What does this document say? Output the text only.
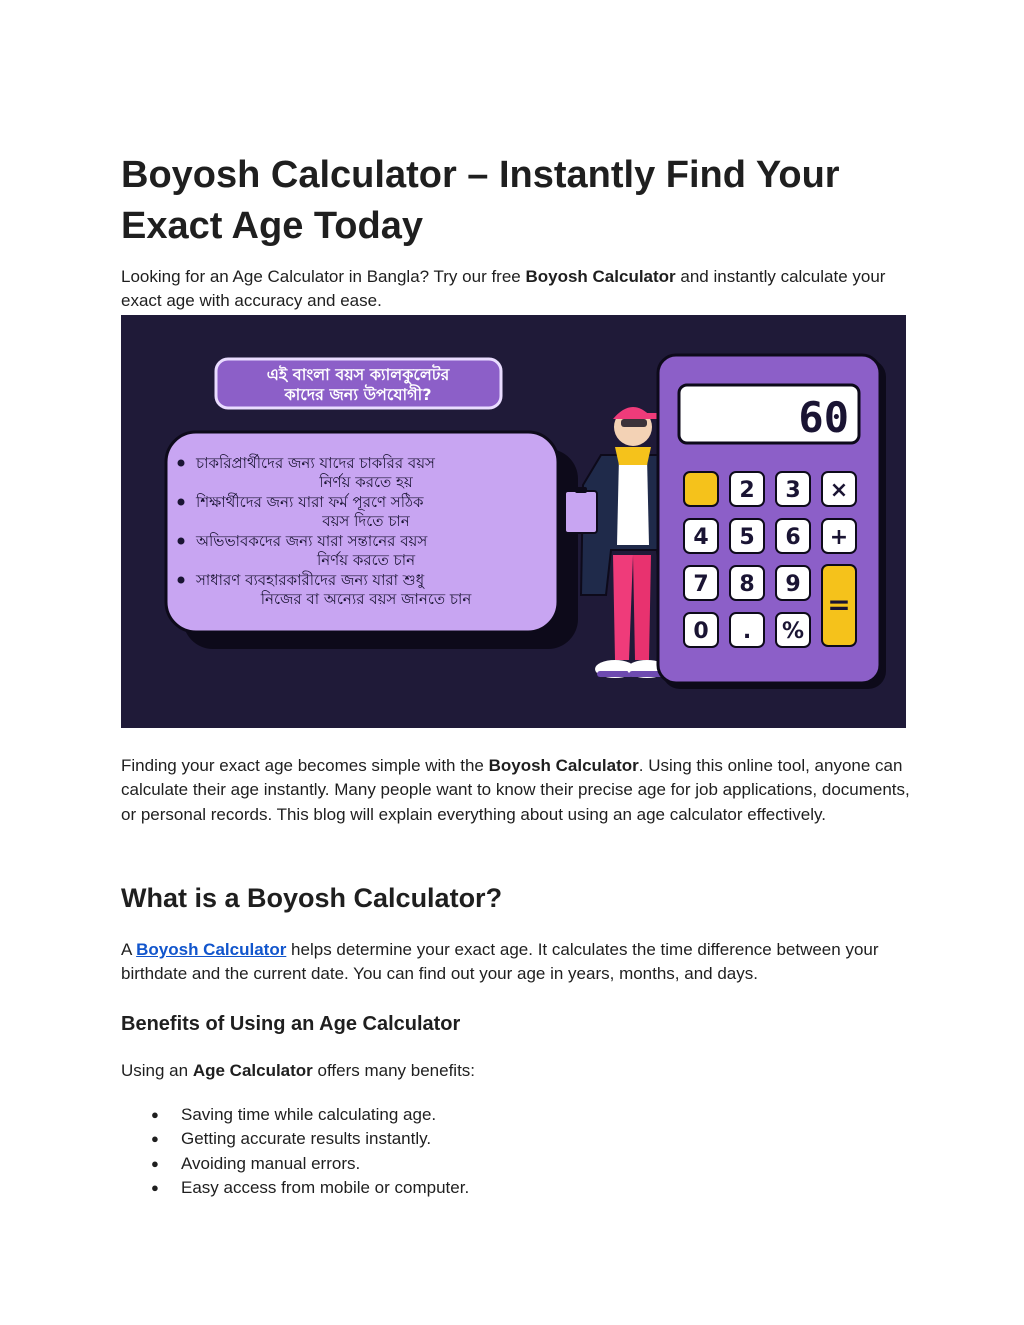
Boyosh Calculator – Instantly Find Your Exact Age Today

Looking for an Age Calculator in Bangla? Try our free Boyosh Calculator and instantly calculate your exact age with accuracy and ease.

এই বাংলা বয়স ক্যালকুলেটর
কাদের জন্য উপযোগী?
চাকরিপ্রার্থীদের জন্য যাদের চাকরির বয়স
নির্ণয় করতে হয়
শিক্ষার্থীদের জন্য যারা ফর্ম পূরণে সঠিক
বয়স দিতে চান
অভিভাবকদের জন্য যারা সন্তানের বয়স
নির্ণয় করতে চান
সাধারণ ব্যবহারকারীদের জন্য যারা শুধু
নিজের বা অন্যের বয়স জানতে চান
60
2 3 ×
4 5 6 +
7 8 9
0 . %
=

Finding your exact age becomes simple with the Boyosh Calculator. Using this online tool, anyone can calculate their age instantly. Many people want to know their precise age for job applications, documents, or personal records. This blog will explain everything about using an age calculator effectively.

What is a Boyosh Calculator?

A Boyosh Calculator helps determine your exact age. It calculates the time difference between your birthdate and the current date. You can find out your age in years, months, and days.

Benefits of Using an Age Calculator

Using an Age Calculator offers many benefits:

● Saving time while calculating age.
● Getting accurate results instantly.
● Avoiding manual errors.
● Easy access from mobile or computer.
